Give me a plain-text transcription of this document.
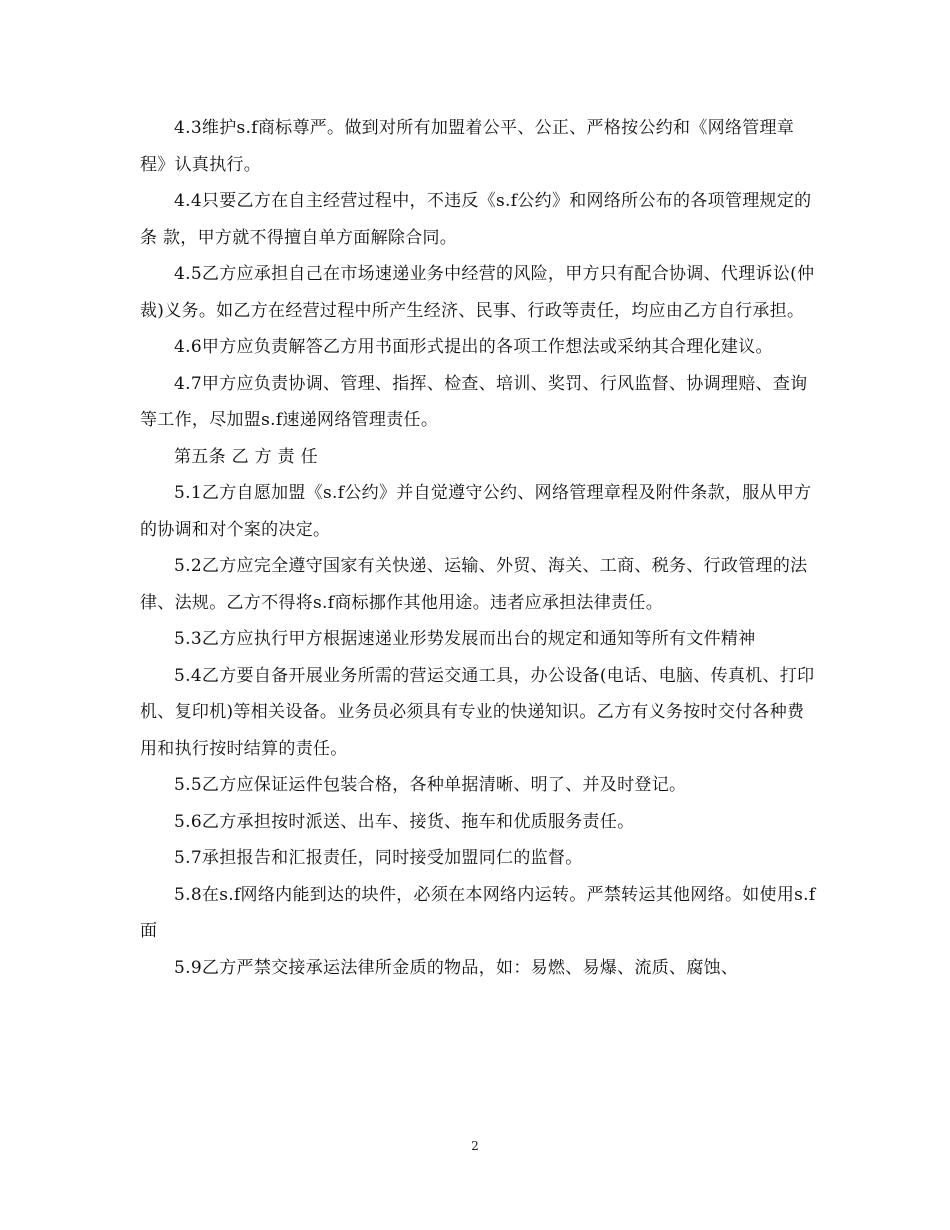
4.3维护s.f商标尊严。做到对所有加盟着公平、公正、严格按公约和《网络管理章程》认真执行。

4.4只要乙方在自主经营过程中，不违反《s.f公约》和网络所公布的各项管理规定的条 款，甲方就不得擅自单方面解除合同。

4.5乙方应承担自己在市场速递业务中经营的风险，甲方只有配合协调、代理诉讼(仲裁)义务。如乙方在经营过程中所产生经济、民事、行政等责任，均应由乙方自行承担。

4.6甲方应负责解答乙方用书面形式提出的各项工作想法或采纳其合理化建议。

4.7甲方应负责协调、管理、指挥、检查、培训、奖罚、行风监督、协调理赔、查询等工作，尽加盟s.f速递网络管理责任。

第五条 乙 方 责 任

5.1乙方自愿加盟《s.f公约》并自觉遵守公约、网络管理章程及附件条款，服从甲方的协调和对个案的决定。

5.2乙方应完全遵守国家有关快递、运输、外贸、海关、工商、税务、行政管理的法律、法规。乙方不得将s.f商标挪作其他用途。违者应承担法律责任。

5.3乙方应执行甲方根据速递业形势发展而出台的规定和通知等所有文件精神

5.4乙方要自备开展业务所需的营运交通工具，办公设备(电话、电脑、传真机、打印机、复印机)等相关设备。业务员必须具有专业的快递知识。乙方有义务按时交付各种费用和执行按时结算的责任。

5.5乙方应保证运件包装合格，各种单据清晰、明了、并及时登记。

5.6乙方承担按时派送、出车、接货、拖车和优质服务责任。

5.7承担报告和汇报责任，同时接受加盟同仁的监督。

5.8在s.f网络内能到达的块件，必须在本网络内运转。严禁转运其他网络。如使用s.f面

5.9乙方严禁交接承运法律所金质的物品，如：易燃、易爆、流质、腐蚀、

2
